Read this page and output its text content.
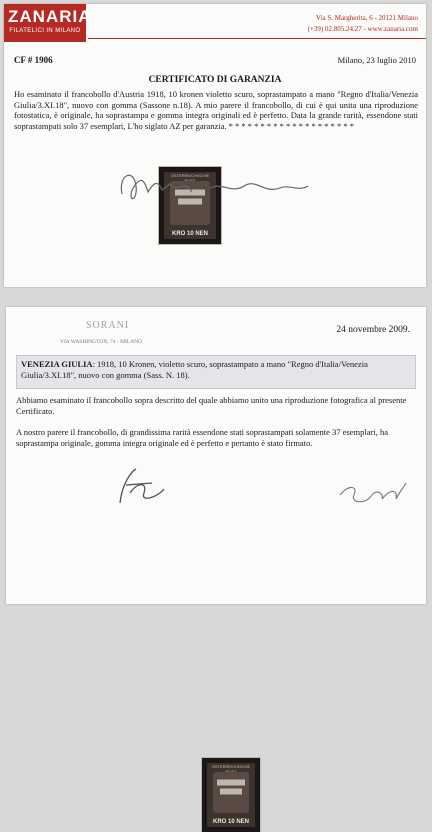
ZANARIA
FILATELICI IN MILANO
Via S. Margherita, 6 - 20121 Milano
(+39) 02.805.24.27 - www.zanaria.com
CF # 1906	Milano, 23 luglio 2010
CERTIFICATO DI GARANZIA

Ho esaminato il francobollo d'Austria 1918, 10 kronen violetto scuro, soprastampato a mano "Regno d'Italia/Venezia Giulia/3.XI.18", nuovo con gomma (Sassone n.18). A mio parere il francobollo, di cui è qui unita una riproduzione fotostatica, è originale, ha soprastampa e gomma integra originali ed è perfetto. Data la grande rarità, essendone stati soprastampati solo 37 esemplari, L'ho siglato AZ per garanzia. * * * * * * * * * * * * * * * * * * * *

ÖSTERREICHISCHE
KRO 10 NEN
SORANI
VIA WASHINGTON, 74 - MILANO
24 novembre 2009.
VENEZIA GIULIA: 1918, 10 Kronen, violetto scuro, soprastampato a mano "Regno d'Italia/Venezia Giulia/3.XI.18", nuovo con gomma (Sass. N. 18).

Abbiamo esaminato il francobollo sopra descritto del quale abbiamo unito una riproduzione fotografica al presente Certificato.

A nostro parere il francobollo, di grandissima rarità essendone stati soprastampati solamente 37 esemplari, ha soprastampa originale, gomma integra originale ed è perfetto e pertanto è stato firmato.

ÖSTERREICHISCHE
KRO 10 NEN
